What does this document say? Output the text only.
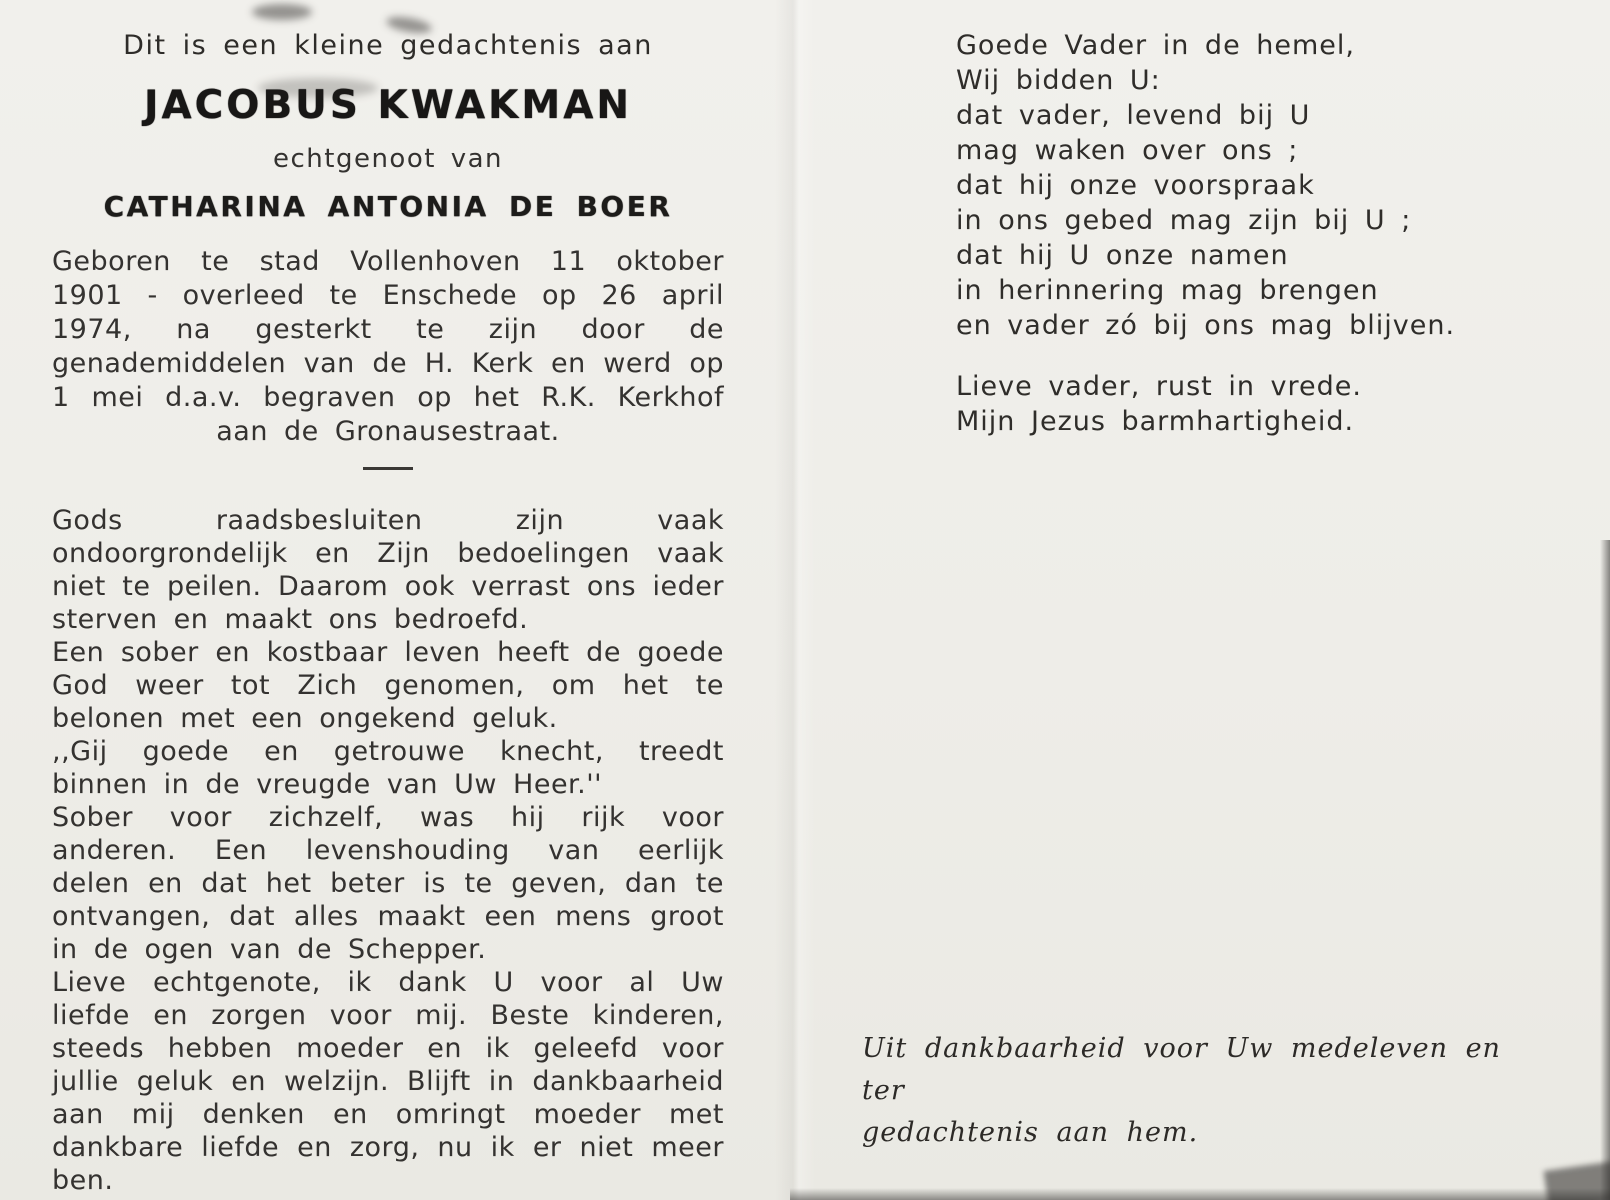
Dit is een kleine gedachtenis aan
JACOBUS KWAKMAN
echtgenoot van
CATHARINA ANTONIA DE BOER
Geboren te stad Vollenhoven 11 oktober 1901 - overleed te Enschede op 26 april 1974, na gesterkt te zijn door de genademiddelen van de H. Kerk en werd op 1 mei d.a.v. begraven op het R.K. Kerkhof aan de Gronausestraat.

Gods raadsbesluiten zijn vaak ondoorgrondelijk en Zijn bedoelingen vaak niet te peilen. Daarom ook verrast ons ieder sterven en maakt ons bedroefd.

Een sober en kostbaar leven heeft de goede God weer tot Zich genomen, om het te belonen met een ongekend geluk.

,,Gij goede en getrouwe knecht, treedt binnen in de vreugde van Uw Heer.''

Sober voor zichzelf, was hij rijk voor anderen. Een levenshouding van eerlijk delen en dat het beter is te geven, dan te ontvangen, dat alles maakt een mens groot in de ogen van de Schepper.

Lieve echtgenote, ik dank U voor al Uw liefde en zorgen voor mij. Beste kinderen, steeds hebben moeder en ik geleefd voor jullie geluk en welzijn. Blijft in dankbaarheid aan mij denken en omringt moeder met dankbare liefde en zorg, nu ik er niet meer ben.

Goede Vader in de hemel,
Wij bidden U:
dat vader, levend bij U
mag waken over ons ;
dat hij onze voorspraak
in ons gebed mag zijn bij U ;
dat hij U onze namen
in herinnering mag brengen
en vader zó bij ons mag blijven.
Lieve vader, rust in vrede.
Mijn Jezus barmhartigheid.
Uit dankbaarheid voor Uw medeleven en ter
gedachtenis aan hem.
